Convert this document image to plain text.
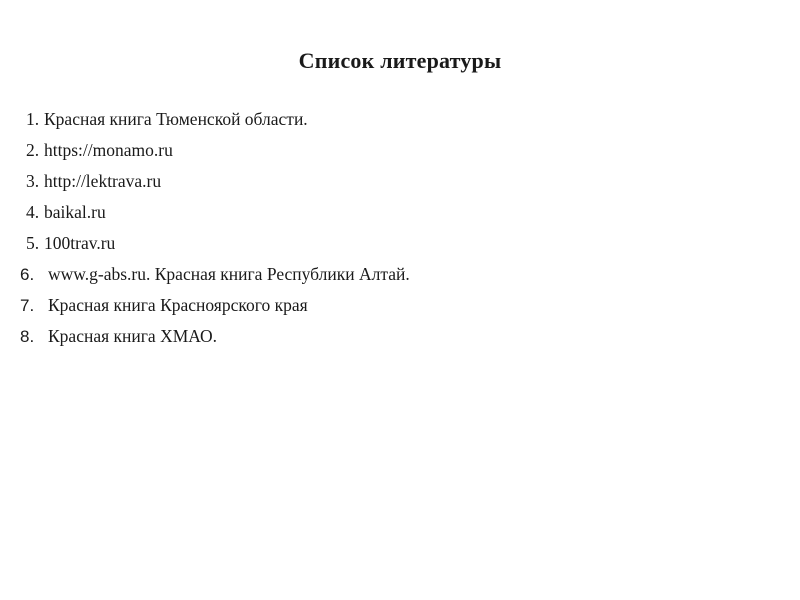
Список литературы
1. Красная книга Тюменской области.
2. https://monamo.ru
3. http://lektrava.ru
4. baikal.ru
5. 100trav.ru
6. www.g-abs.ru. Красная книга Республики Алтай.
7. Красная книга Красноярского края
8. Красная книга ХМАО.
